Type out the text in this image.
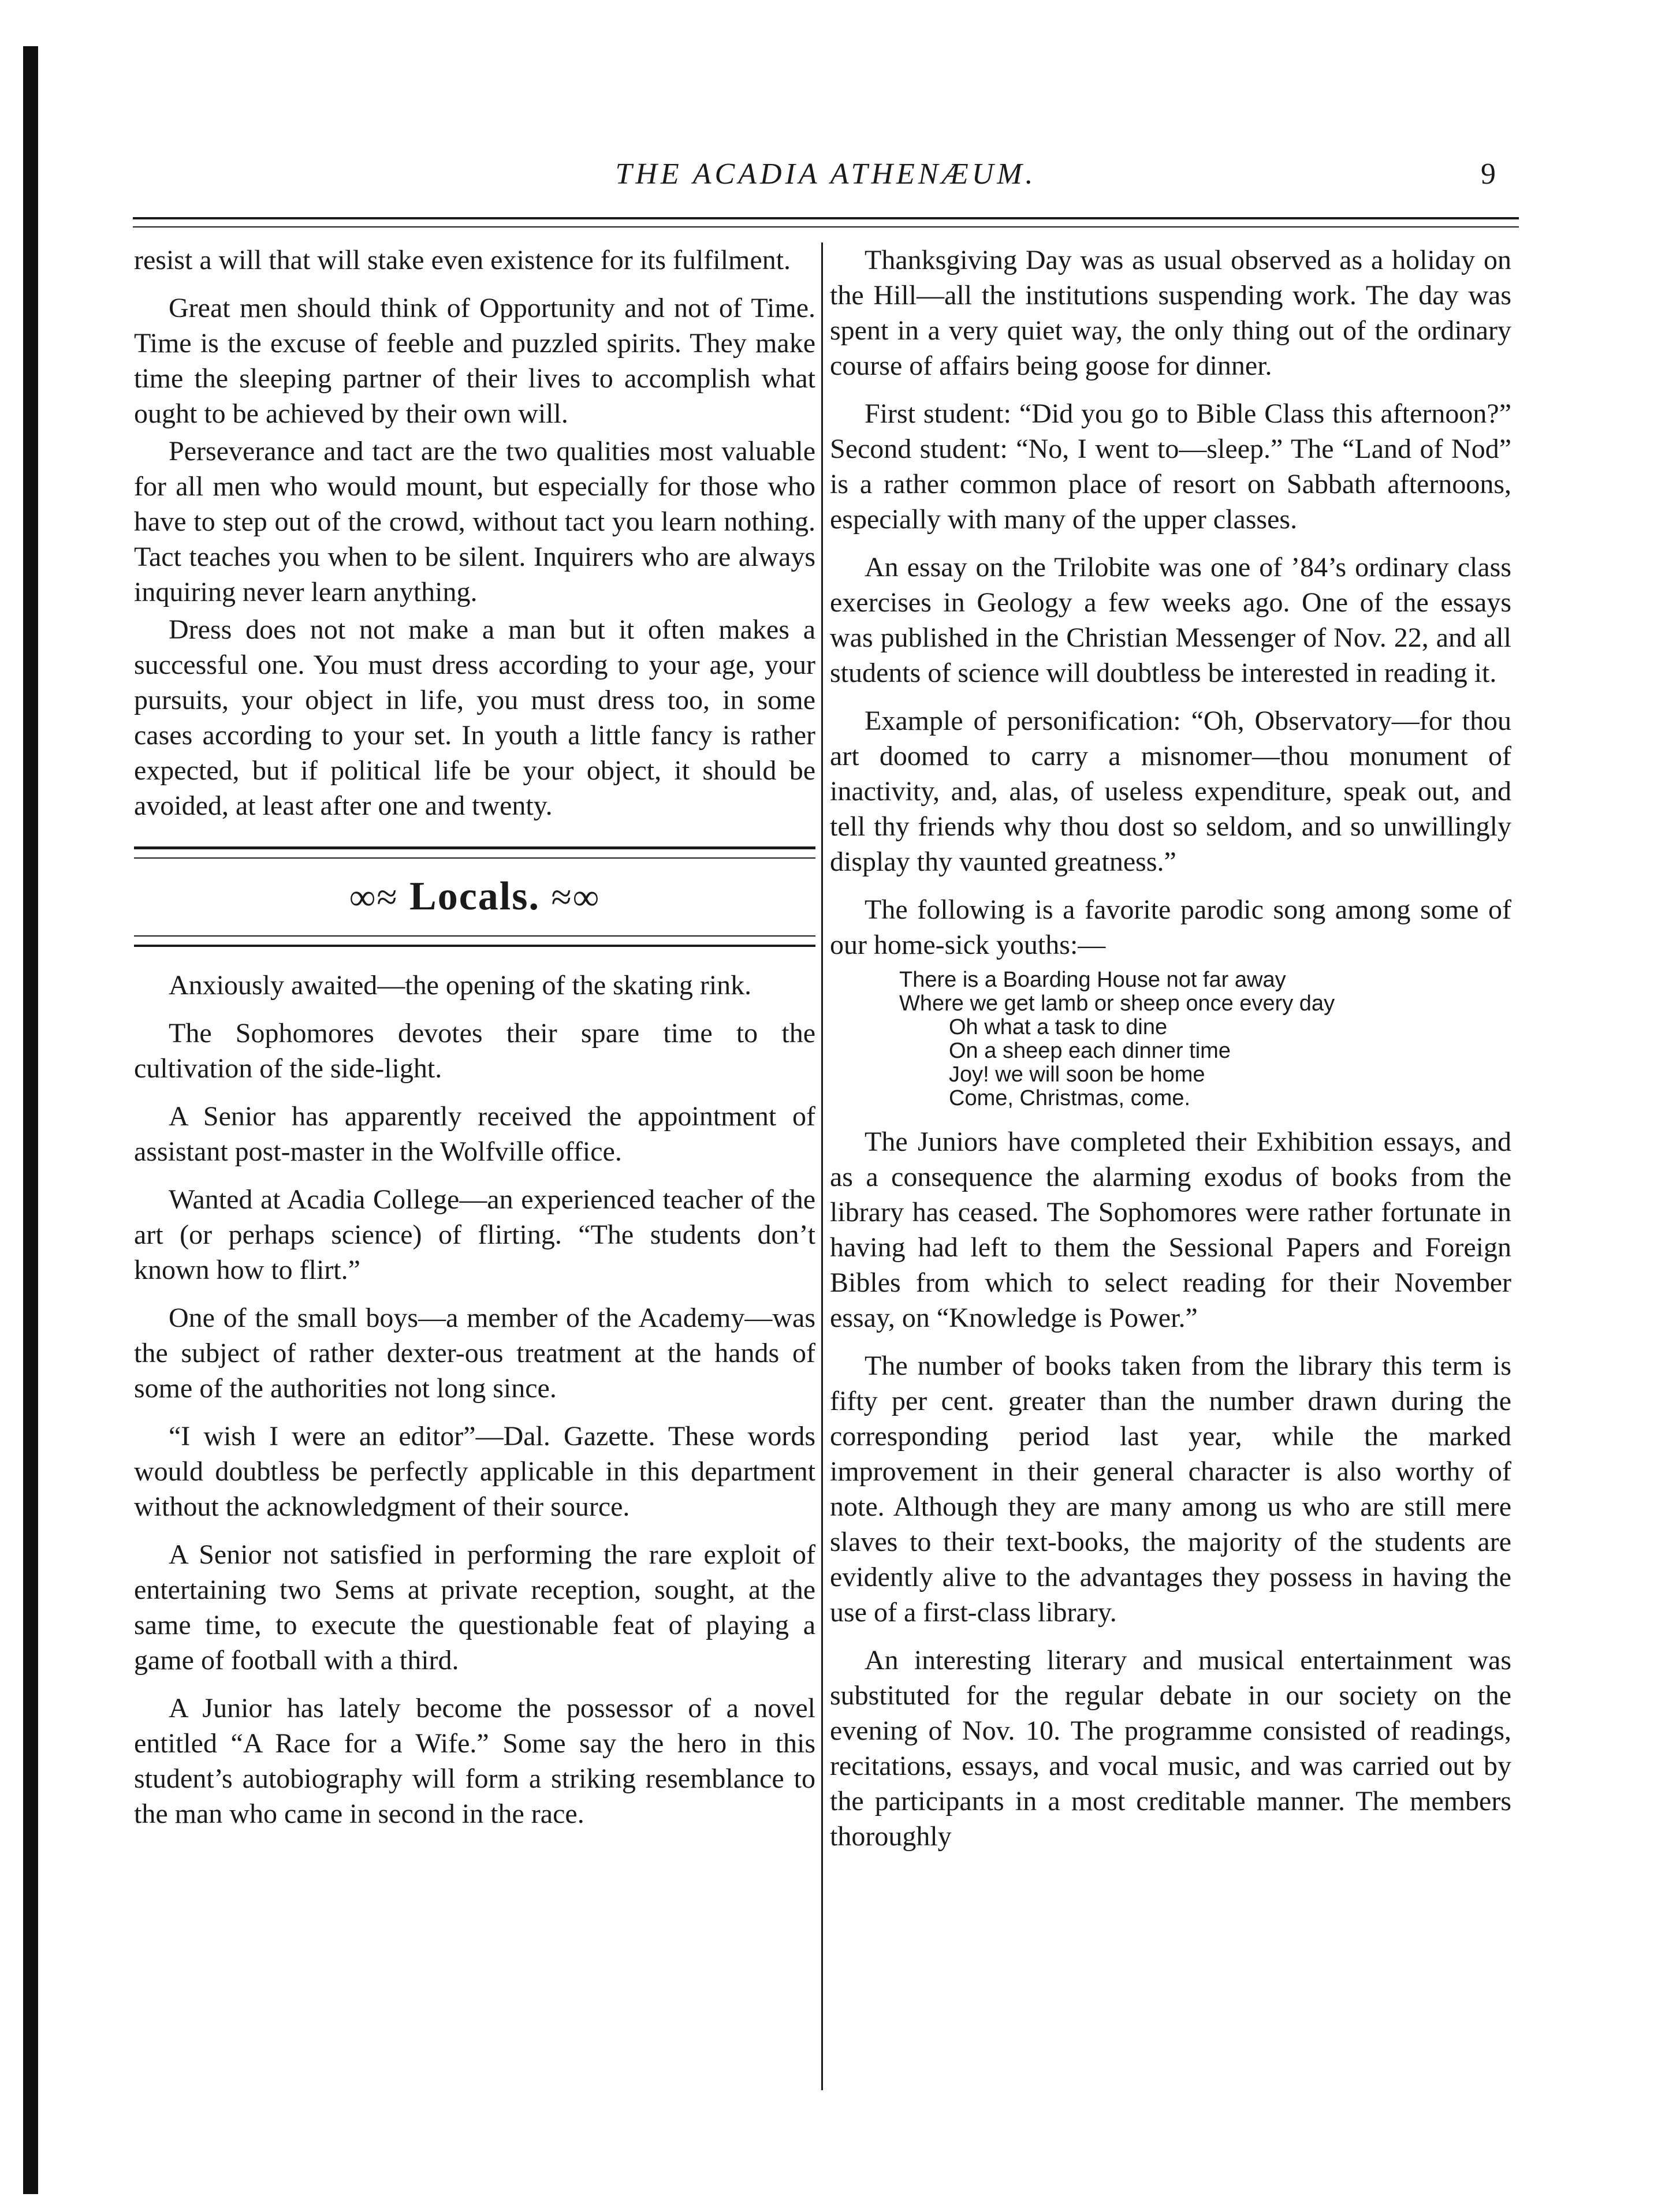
THE ACADIA ATHENÆUM.	9

resist a will that will stake even existence for its fulfilment.

Great men should think of Opportunity and not of Time. Time is the excuse of feeble and puzzled spirits. They make time the sleeping partner of their lives to accomplish what ought to be achieved by their own will.

Perseverance and tact are the two qualities most valuable for all men who would mount, but especially for those who have to step out of the crowd, without tact you learn nothing. Tact teaches you when to be silent. Inquirers who are always inquiring never learn anything.

Dress does not not make a man but it often makes a successful one. You must dress according to your age, your pursuits, your object in life, you must dress too, in some cases according to your set. In youth a little fancy is rather expected, but if political life be your object, it should be avoided, at least after one and twenty.

∞≈ Locals. ≈∞

Anxiously awaited—the opening of the skating rink.

The Sophomores devotes their spare time to the cultivation of the side-light.

A Senior has apparently received the appointment of assistant post-master in the Wolfville office.

Wanted at Acadia College—an experienced teacher of the art (or perhaps science) of flirting. “The students don’t known how to flirt.”

One of the small boys—a member of the Academy—was the subject of rather dexter-ous treatment at the hands of some of the authorities not long since.

“I wish I were an editor”—Dal. Gazette. These words would doubtless be perfectly applicable in this department without the acknowledgment of their source.

A Senior not satisfied in performing the rare exploit of entertaining two Sems at private reception, sought, at the same time, to execute the questionable feat of playing a game of football with a third.

A Junior has lately become the possessor of a novel entitled “A Race for a Wife.” Some say the hero in this student’s autobiography will form a striking resemblance to the man who came in second in the race.

Thanksgiving Day was as usual observed as a holiday on the Hill—all the institutions suspending work. The day was spent in a very quiet way, the only thing out of the ordinary course of affairs being goose for dinner.

First student: “Did you go to Bible Class this afternoon?” Second student: “No, I went to—sleep.” The “Land of Nod” is a rather common place of resort on Sabbath afternoons, especially with many of the upper classes.

An essay on the Trilobite was one of ’84’s ordinary class exercises in Geology a few weeks ago. One of the essays was published in the Christian Messenger of Nov. 22, and all students of science will doubtless be interested in reading it.

Example of personification: “Oh, Observatory—for thou art doomed to carry a misnomer—thou monument of inactivity, and, alas, of useless expenditure, speak out, and tell thy friends why thou dost so seldom, and so unwillingly display thy vaunted greatness.”

The following is a favorite parodic song among some of our home-sick youths:—

There is a Boarding House not far away
Where we get lamb or sheep once every day
Oh what a task to dine
On a sheep each dinner time
Joy! we will soon be home
Come, Christmas, come.

The Juniors have completed their Exhibition essays, and as a consequence the alarming exodus of books from the library has ceased. The Sophomores were rather fortunate in having had left to them the Sessional Papers and Foreign Bibles from which to select reading for their November essay, on “Knowledge is Power.”

The number of books taken from the library this term is fifty per cent. greater than the number drawn during the corresponding period last year, while the marked improvement in their general character is also worthy of note. Although they are many among us who are still mere slaves to their text-books, the majority of the students are evidently alive to the advantages they possess in having the use of a first-class library.

An interesting literary and musical entertainment was substituted for the regular debate in our society on the evening of Nov. 10. The programme consisted of readings, recitations, essays, and vocal music, and was carried out by the participants in a most creditable manner. The members thoroughly
